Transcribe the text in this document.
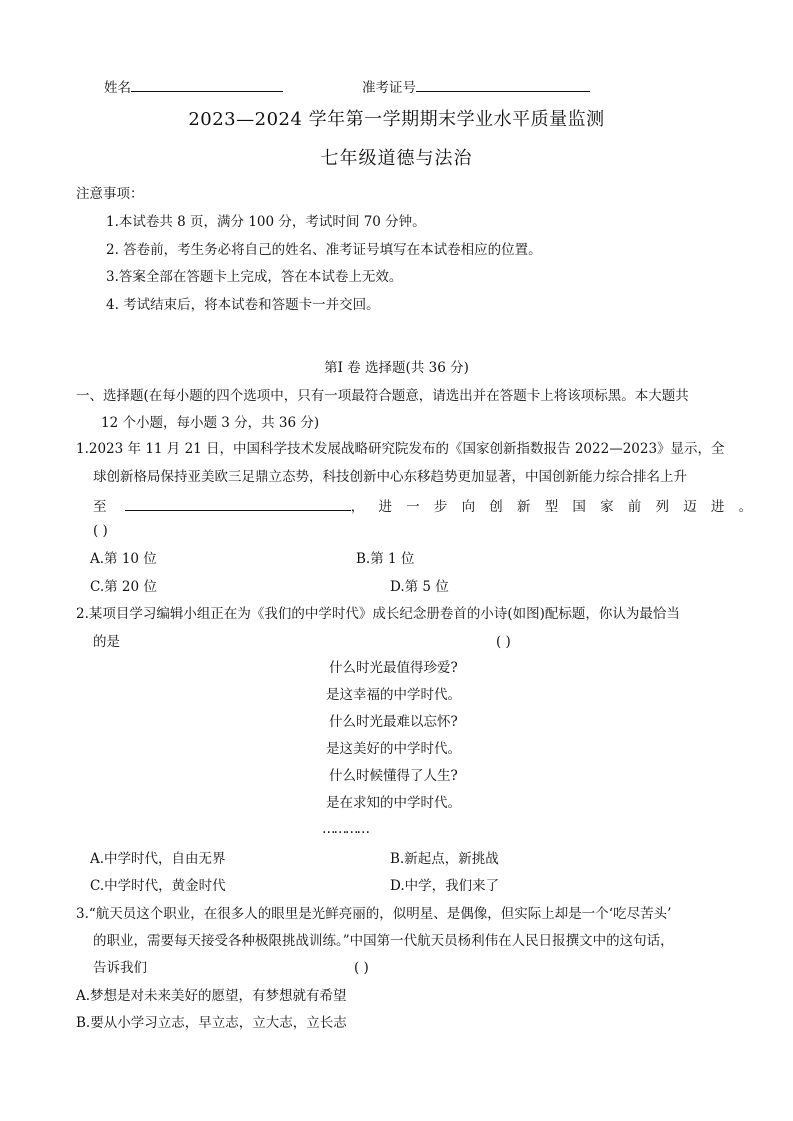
姓名	准考证号
2023—2024 学年第一学期期末学业水平质量监测
七年级道德与法治
注意事项：
1.本试卷共 8 页，满分 100 分，考试时间 70 分钟。
2. 答卷前，考生务必将自己的姓名、准考证号填写在本试卷相应的位置。
3.答案全部在答题卡上完成，答在本试卷上无效。
4. 考试结束后，将本试卷和答题卡一并交回。
第Ⅰ 卷 选择题(共 36 分)
一、选择题(在每小题的四个选项中，只有一项最符合题意，请选出并在答题卡上将该项标黑。本大题共
12 个小题，每小题 3 分，共 36 分)
1.2023 年 11 月 21 日，中国科学技术发展战略研究院发布的《国家创新指数报告 2022—2023》显示，全
球创新格局保持亚美欧三足鼎立态势，科技创新中心东移趋势更加显著，中国创新能力综合排名上升
至	，进一步向创新型国家前列迈进。
( )
A.第 10 位	B.第 1 位
C.第 20 位	D.第 5 位
2.某项目学习编辑小组正在为《我们的中学时代》成长纪念册卷首的小诗(如图)配标题，你认为最恰当
的是	( )
什么时光最值得珍爱?
是这幸福的中学时代。
什么时光最难以忘怀?
是这美好的中学时代。
什么时候懂得了人生?
是在求知的中学时代。
…………
A.中学时代，自由无界	B.新起点，新挑战
C.中学时代，黄金时代	D.中学，我们来了
3.“航天员这个职业，在很多人的眼里是光鲜亮丽的，似明星、是偶像，但实际上却是一个‘吃尽苦头’
的职业，需要每天接受各种极限挑战训练。”中国第一代航天员杨利伟在人民日报撰文中的这句话，
告诉我们	( )
A.梦想是对未来美好的愿望，有梦想就有希望
B.要从小学习立志，早立志，立大志，立长志
